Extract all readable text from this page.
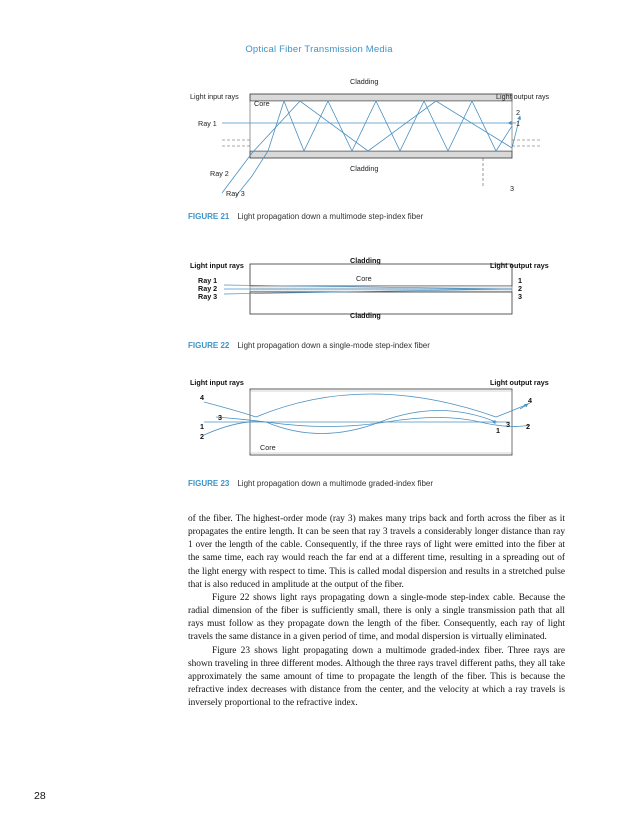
Optical Fiber Transmission Media
Cladding
Cladding
Core
Light input rays	Light output rays
Ray 1
Ray 2
Ray 3
2
1
3
FIGURE 21 Light propagation down a multimode step-index fiber
Light input rays	Light output rays
Cladding
Core
Cladding
Ray 1
Ray 2
Ray 3
1
2
3
FIGURE 22 Light propagation down a single-mode step-index fiber
Light input rays	Light output rays
Core
4
3
1
2
4
1
3 2
FIGURE 23 Light propagation down a multimode graded-index fiber

of the fiber. The highest-order mode (ray 3) makes many trips back and forth across the fiber as it propagates the entire length. It can be seen that ray 3 travels a considerably longer distance than ray 1 over the length of the cable. Consequently, if the three rays of light were emitted into the fiber at the same time, each ray would reach the far end at a different time, resulting in a spreading out of the light energy with respect to time. This is called modal dispersion and results in a stretched pulse that is also reduced in amplitude at the output of the fiber.

Figure 22 shows light rays propagating down a single-mode step-index cable. Because the radial dimension of the fiber is sufficiently small, there is only a single transmission path that all rays must follow as they propagate down the length of the fiber. Consequently, each ray of light travels the same distance in a given period of time, and modal dispersion is virtually eliminated.

Figure 23 shows light propagating down a multimode graded-index fiber. Three rays are shown traveling in three different modes. Although the three rays travel different paths, they all take approximately the same amount of time to propagate the length of the fiber. This is because the refractive index decreases with distance from the center, and the velocity at which a ray travels is inversely proportional to the refractive index.

28
